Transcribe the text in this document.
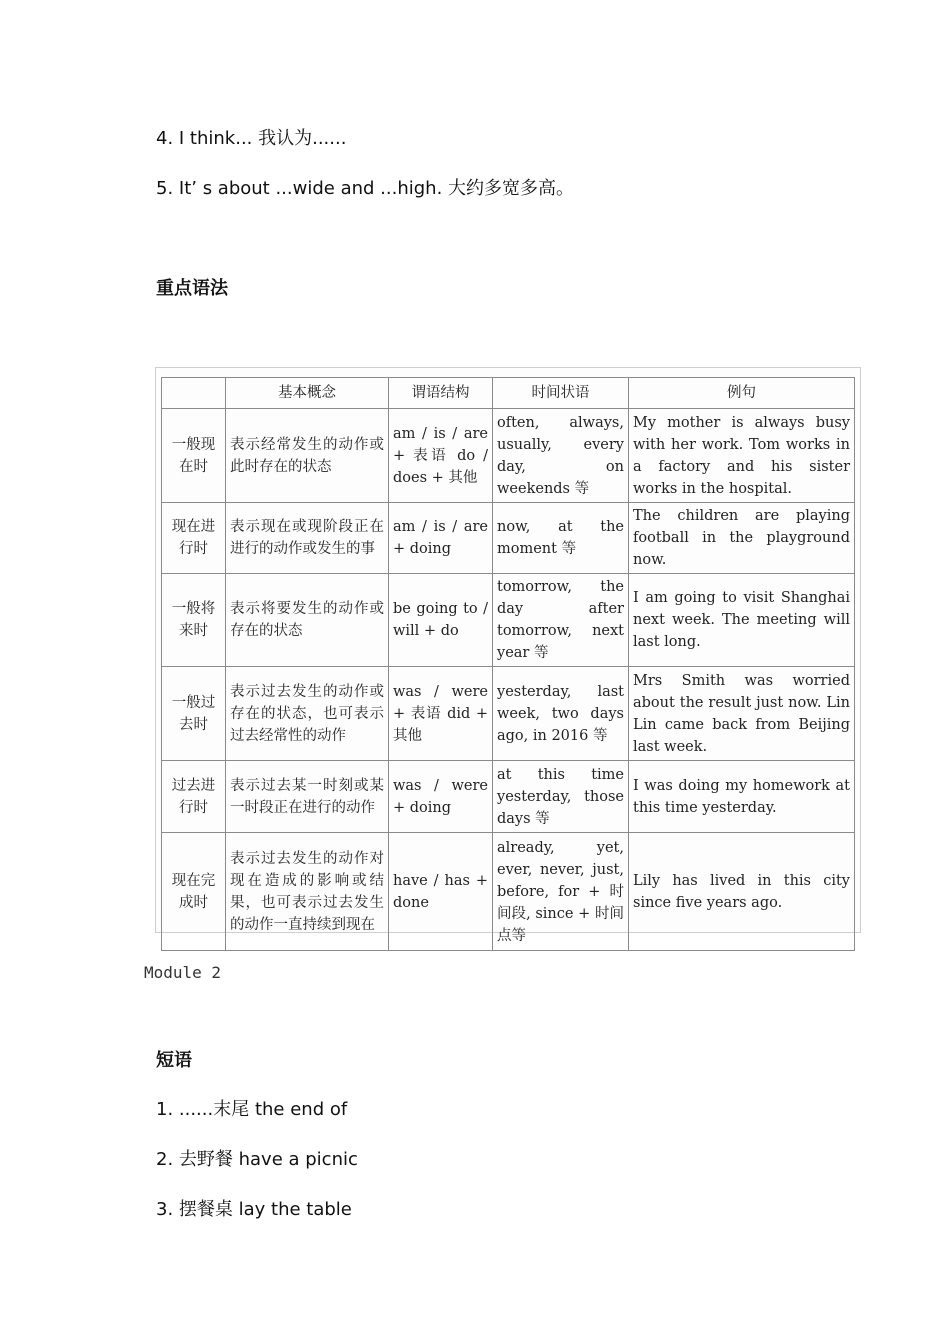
4. I think... 我认为......
5. It’ s about ...wide and ...high. 大约多宽多高。
重点语法
	基本概念	谓语结构	时间状语	例句
一般现在时	表示经常发生的动作或此时存在的状态	am / is / are + 表语 do / does + 其他	often, always, usually, every day, on weekends 等	My mother is always busy with her work. Tom works in a factory and his sister works in the hospital.
现在进行时	表示现在或现阶段正在进行的动作或发生的事	am / is / are + doing	now, at the moment 等	The children are playing football in the playground now.
一般将来时	表示将要发生的动作或存在的状态	be going to / will + do	tomorrow, the day after tomorrow, next year 等	I am going to visit Shanghai next week. The meeting will last long.
一般过去时	表示过去发生的动作或存在的状态，也可表示过去经常性的动作	was / were + 表语 did + 其他	yesterday, last week, two days ago, in 2016 等	Mrs Smith was worried about the result just now. Lin Lin came back from Beijing last week.
过去进行时	表示过去某一时刻或某一时段正在进行的动作	was / were + doing	at this time yesterday, those days 等	I was doing my homework at this time yesterday.
现在完成时	表示过去发生的动作对现在造成的影响或结果，也可表示过去发生的动作一直持续到现在	have / has + done	already, yet, ever, never, just, before, for + 时间段, since + 时间点等	Lily has lived in this city since five years ago.
Module 2
短语
1. ......末尾 the end of
2. 去野餐 have a picnic
3. 摆餐桌 lay the table
